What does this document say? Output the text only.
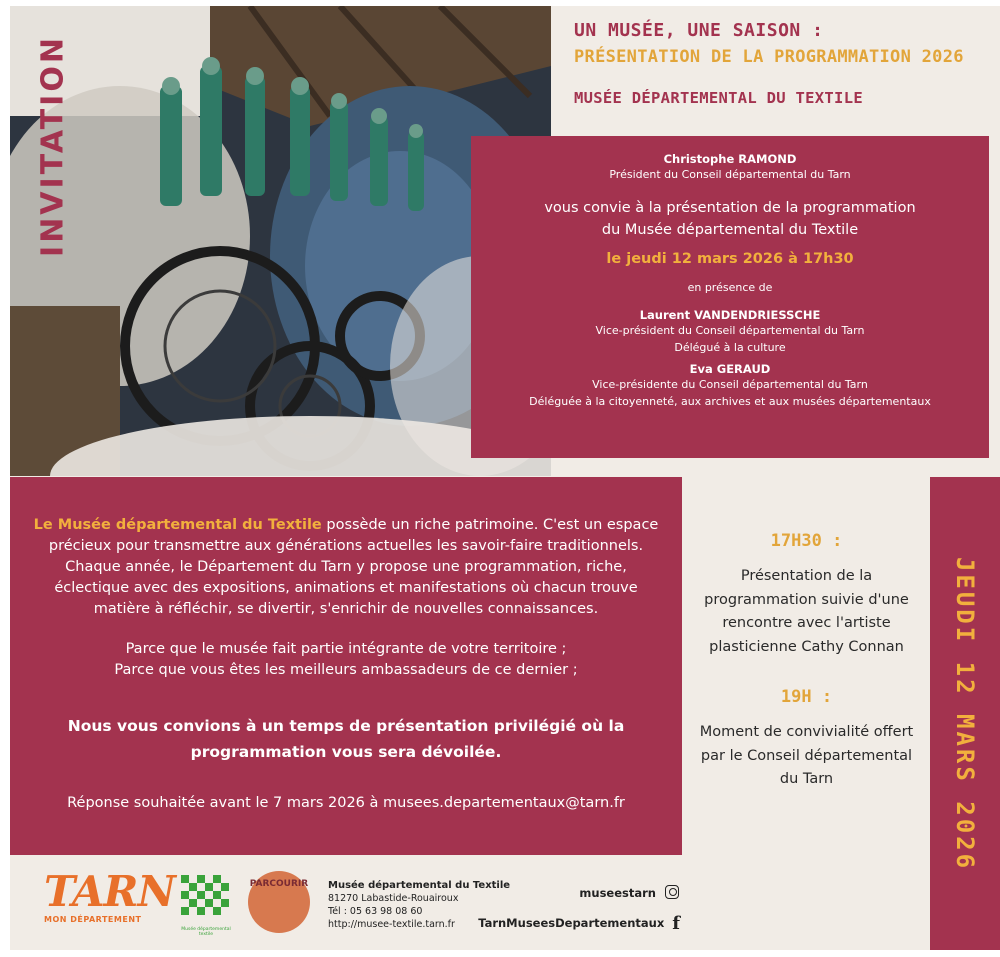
INVITATION
UN MUSÉE, UNE SAISON :
PRÉSENTATION DE LA PROGRAMMATION 2026
MUSÉE DÉPARTEMENTAL DU TEXTILE
Christophe RAMOND
Président du Conseil départemental du Tarn
vous convie à la présentation de la programmation
du Musée départemental du Textile
le jeudi 12 mars 2026 à 17h30
en présence de
Laurent VANDENDRIESSCHE
Vice-président du Conseil départemental du Tarn
Délégué à la culture
Eva GERAUD
Vice-présidente du Conseil départemental du Tarn
Déléguée à la citoyenneté, aux archives et aux musées départementaux
Le Musée départemental du Textile possède un riche patrimoine. C'est un espace
précieux pour transmettre aux générations actuelles les savoir-faire traditionnels.
Chaque année, le Département du Tarn y propose une programmation, riche,
éclectique avec des expositions, animations et manifestations où chacun trouve
matière à réfléchir, se divertir, s'enrichir de nouvelles connaissances.
Parce que le musée fait partie intégrante de votre territoire ;
Parce que vous êtes les meilleurs ambassadeurs de ce dernier ;
Nous vous convions à un temps de présentation privilégié où la
programmation vous sera dévoilée.
Réponse souhaitée avant le 7 mars 2026 à musees.departementaux@tarn.fr
17H30 :
Présentation de la
programmation suivie d'une
rencontre avec l'artiste
plasticienne Cathy Connan
19H :
Moment de convivialité offert
par le Conseil départemental
du Tarn	JEUDI 12 MARS 2026
TARN
MON DÉPARTEMENT
Musée départemental textile
PARCOURIR Musée départemental du Textile
81270 Labastide-Rouairoux
Tél : 05 63 98 08 60
http://musee-textile.tarn.fr
museestarn
TarnMuseesDepartementaux f
